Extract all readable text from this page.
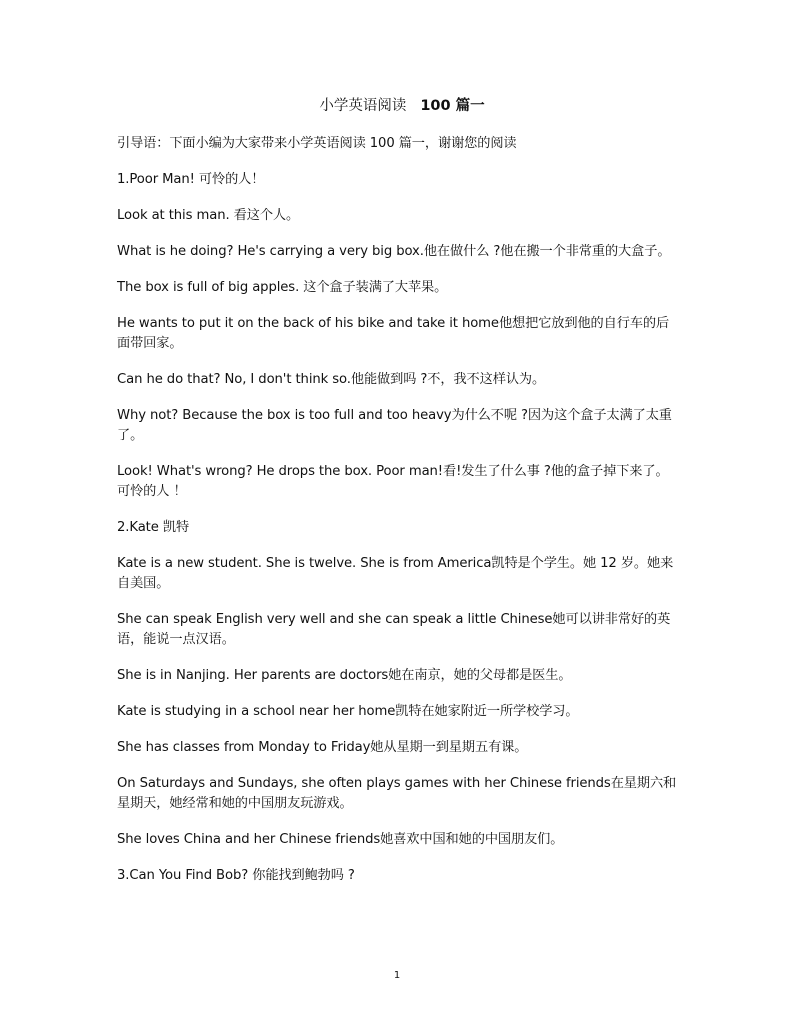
小学英语阅读 100 篇一

引导语：下面小编为大家带来小学英语阅读 100 篇一，谢谢您的阅读

1.Poor Man! 可怜的人！

Look at this man. 看这个人。

What is he doing? He's carrying a very big box.他在做什么 ?他在搬一个非常重的大盒子。

The box is full of big apples. 这个盒子装满了大苹果。

He wants to put it on the back of his bike and take it home他想把它放到他的自行车的后面带回家。

Can he do that? No, I don't think so.他能做到吗 ?不，我不这样认为。

Why not? Because the box is too full and too heavy为什么不呢 ?因为这个盒子太满了太重了。

Look! What's wrong? He drops the box. Poor man!看!发生了什么事 ?他的盒子掉下来了。可怜的人 ！

2.Kate 凯特

Kate is a new student. She is twelve. She is from America凯特是个学生。她 12 岁。她来自美国。

She can speak English very well and she can speak a little Chinese她可以讲非常好的英语，能说一点汉语。

She is in Nanjing. Her parents are doctors她在南京，她的父母都是医生。

Kate is studying in a school near her home凯特在她家附近一所学校学习。

She has classes from Monday to Friday她从星期一到星期五有课。

On Saturdays and Sundays, she often plays games with her Chinese friends在星期六和星期天，她经常和她的中国朋友玩游戏。

She loves China and her Chinese friends她喜欢中国和她的中国朋友们。

3.Can You Find Bob? 你能找到鲍勃吗 ?

1
